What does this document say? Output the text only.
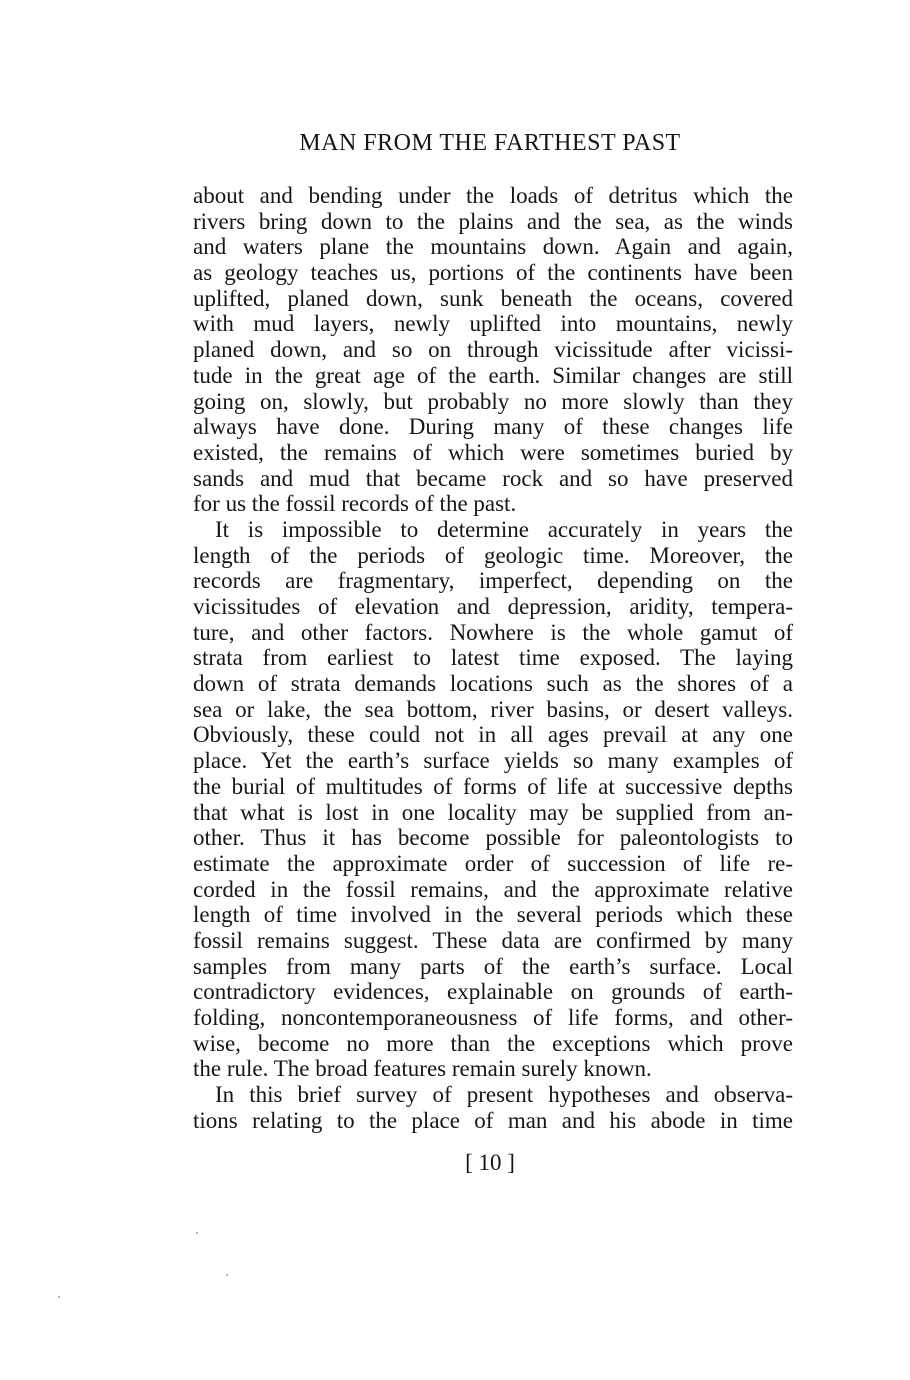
MAN FROM THE FARTHEST PAST
about and bending under the loads of detritus which the
rivers bring down to the plains and the sea, as the winds
and waters plane the mountains down. Again and again,
as geology teaches us, portions of the continents have been
uplifted, planed down, sunk beneath the oceans, covered
with mud layers, newly uplifted into mountains, newly
planed down, and so on through vicissitude after vicissi-
tude in the great age of the earth. Similar changes are still
going on, slowly, but probably no more slowly than they
always have done. During many of these changes life
existed, the remains of which were sometimes buried by
sands and mud that became rock and so have preserved
for us the fossil records of the past.
It is impossible to determine accurately in years the
length of the periods of geologic time. Moreover, the
records are fragmentary, imperfect, depending on the
vicissitudes of elevation and depression, aridity, tempera-
ture, and other factors. Nowhere is the whole gamut of
strata from earliest to latest time exposed. The laying
down of strata demands locations such as the shores of a
sea or lake, the sea bottom, river basins, or desert valleys.
Obviously, these could not in all ages prevail at any one
place. Yet the earth’s surface yields so many examples of
the burial of multitudes of forms of life at successive depths
that what is lost in one locality may be supplied from an-
other. Thus it has become possible for paleontologists to
estimate the approximate order of succession of life re-
corded in the fossil remains, and the approximate relative
length of time involved in the several periods which these
fossil remains suggest. These data are confirmed by many
samples from many parts of the earth’s surface. Local
contradictory evidences, explainable on grounds of earth-
folding, noncontemporaneousness of life forms, and other-
wise, become no more than the exceptions which prove
the rule. The broad features remain surely known.
In this brief survey of present hypotheses and observa-
tions relating to the place of man and his abode in time
[ 10 ]
